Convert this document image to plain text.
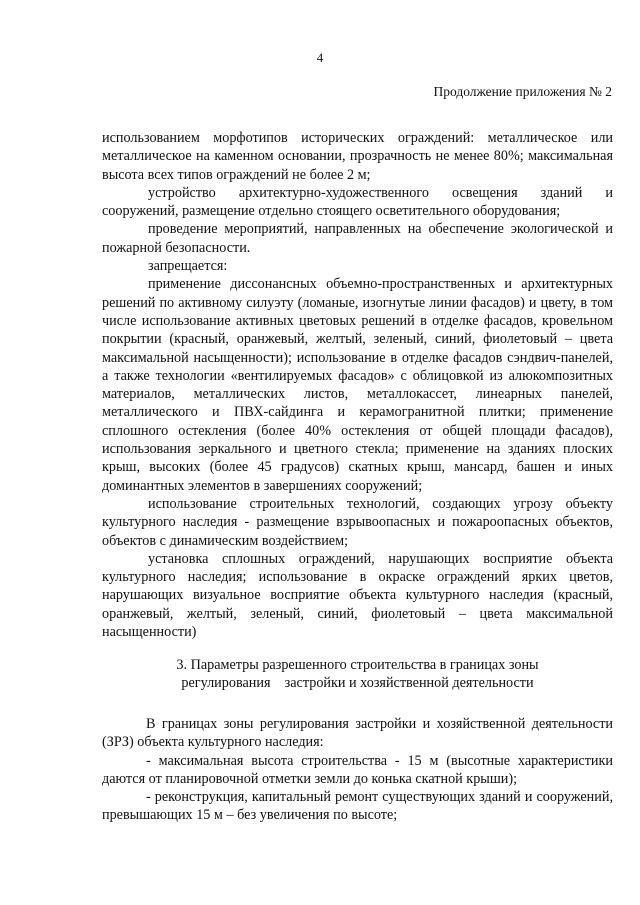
4
Продолжение приложения № 2

использованием морфотипов исторических ограждений: металлическое или металлическое на каменном основании, прозрачность не менее 80%; максимальная высота всех типов ограждений не более 2 м;

устройство архитектурно-художественного освещения зданий и сооружений, размещение отдельно стоящего осветительного оборудования;

проведение мероприятий, направленных на обеспечение экологической и пожарной безопасности.

запрещается:

применение диссонансных объемно-пространственных и архитектурных решений по активному силуэту (ломаные, изогнутые линии фасадов) и цвету, в том числе использование активных цветовых решений в отделке фасадов, кровельном покрытии (красный, оранжевый, желтый, зеленый, синий, фиолетовый – цвета максимальной насыщенности); использование в отделке фасадов сэндвич-панелей, а также технологии «вентилируемых фасадов» с облицовкой из алюкомпозитных материалов, металлических листов, металлокассет, линеарных панелей, металлического и ПВХ-сайдинга и керамогранитной плитки; применение сплошного остекления (более 40% остекления от общей площади фасадов), использования зеркального и цветного стекла; применение на зданиях плоских крыш, высоких (более 45 градусов) скатных крыш, мансард, башен и иных доминантных элементов в завершениях сооружений;

использование строительных технологий, создающих угрозу объекту культурного наследия - размещение взрывоопасных и пожароопасных объектов, объектов с динамическим воздействием;

установка сплошных ограждений, нарушающих восприятие объекта культурного наследия; использование в окраске ограждений ярких цветов, нарушающих визуальное восприятие объекта культурного наследия (красный, оранжевый, желтый, зеленый, синий, фиолетовый – цвета максимальной насыщенности)

3. Параметры разрешенного строительства в границах зоны
регулирования    застройки и хозяйственной деятельности

В границах зоны регулирования застройки и хозяйственной деятельности (ЗРЗ) объекта культурного наследия:

- максимальная высота строительства - 15 м (высотные характеристики даются от планировочной отметки земли до конька скатной крыши);

- реконструкция, капитальный ремонт существующих зданий и сооружений, превышающих 15 м – без увеличения по высоте;
